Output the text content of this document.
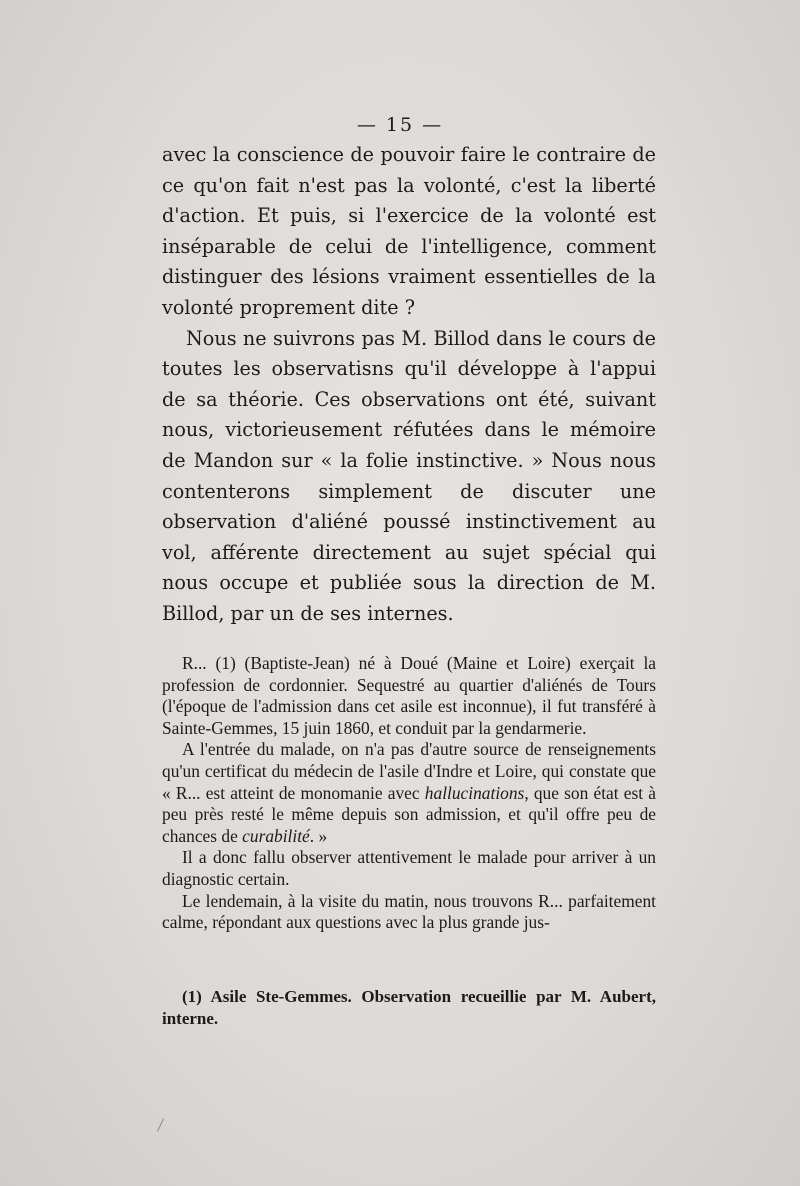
— 15 —

avec la conscience de pouvoir faire le contraire de ce qu'on fait n'est pas la volonté, c'est la liberté d'action. Et puis, si l'exercice de la volonté est inséparable de celui de l'intelligence, comment distinguer des lésions vraiment essentielles de la volonté proprement dite ?

Nous ne suivrons pas M. Billod dans le cours de toutes les observatisns qu'il développe à l'appui de sa théorie. Ces observations ont été, suivant nous, victorieusement réfutées dans le mémoire de Mandon sur « la folie instinctive. » Nous nous contenterons simplement de discuter une observation d'aliéné poussé instinctivement au vol, afférente directement au sujet spécial qui nous occupe et publiée sous la direction de M. Billod, par un de ses internes.

R... (1) (Baptiste-Jean) né à Doué (Maine et Loire) exerçait la profession de cordonnier. Sequestré au quartier d'aliénés de Tours (l'époque de l'admission dans cet asile est inconnue), il fut transféré à Sainte-Gemmes, 15 juin 1860, et conduit par la gendarmerie.

A l'entrée du malade, on n'a pas d'autre source de renseignements qu'un certificat du médecin de l'asile d'Indre et Loire, qui constate que « R... est atteint de monomanie avec hallucinations, que son état est à peu près resté le même depuis son admission, et qu'il offre peu de chances de curabilité. »

Il a donc fallu observer attentivement le malade pour arriver à un diagnostic certain.

Le lendemain, à la visite du matin, nous trouvons R... parfaitement calme, répondant aux questions avec la plus grande jus-

(1) Asile Ste-Gemmes. Observation recueillie par M. Aubert, interne.
